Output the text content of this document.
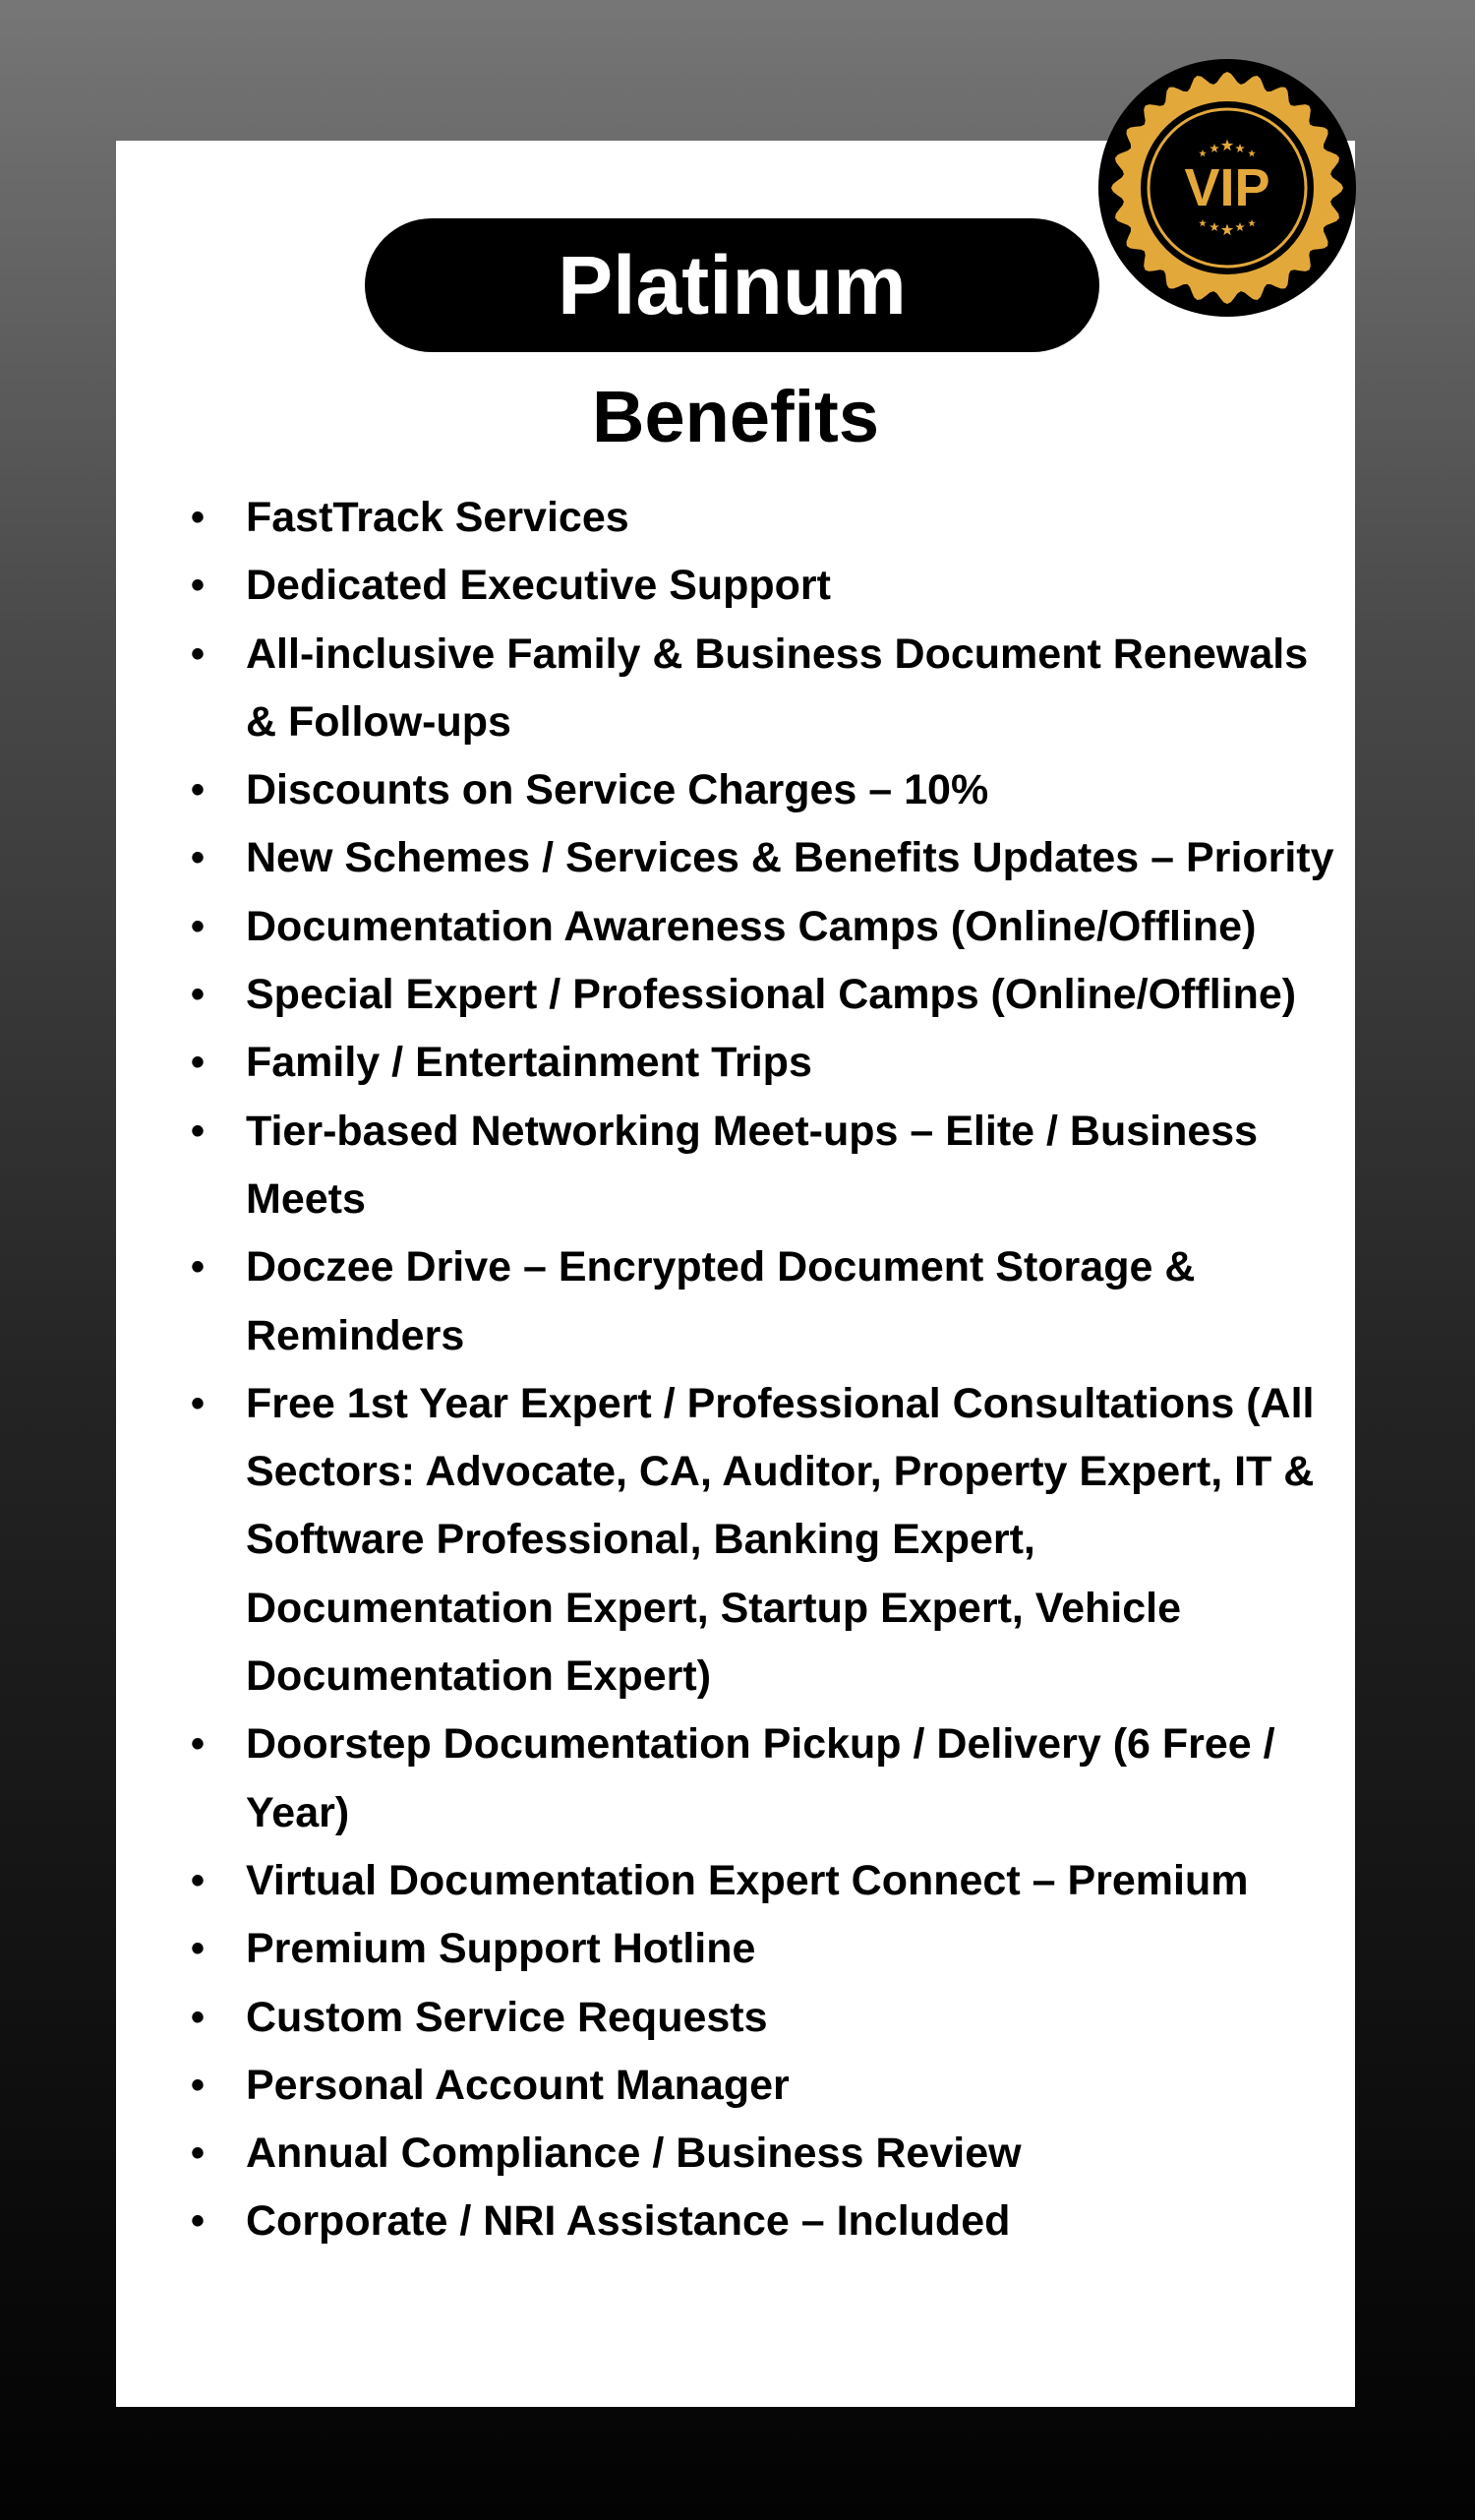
Platinum
Benefits
• FastTrack Services
• Dedicated Executive Support
• All-inclusive Family & Business Document Renewals & Follow-ups
• Discounts on Service Charges – 10%
• New Schemes / Services & Benefits Updates – Priority
• Documentation Awareness Camps (Online/Offline)
• Special Expert / Professional Camps (Online/Offline)
• Family / Entertainment Trips
• Tier-based Networking Meet-ups – Elite / Business Meets
• Doczee Drive – Encrypted Document Storage & Reminders
• Free 1st Year Expert / Professional Consultations (All Sectors: Advocate, CA, Auditor, Property Expert, IT & Software Professional, Banking Expert, Documentation Expert, Startup Expert, Vehicle Documentation Expert)
• Doorstep Documentation Pickup / Delivery (6 Free / Year)
• Virtual Documentation Expert Connect – Premium
• Premium Support Hotline
• Custom Service Requests
• Personal Account Manager
• Annual Compliance / Business Review
• Corporate / NRI Assistance – Included
VIP
